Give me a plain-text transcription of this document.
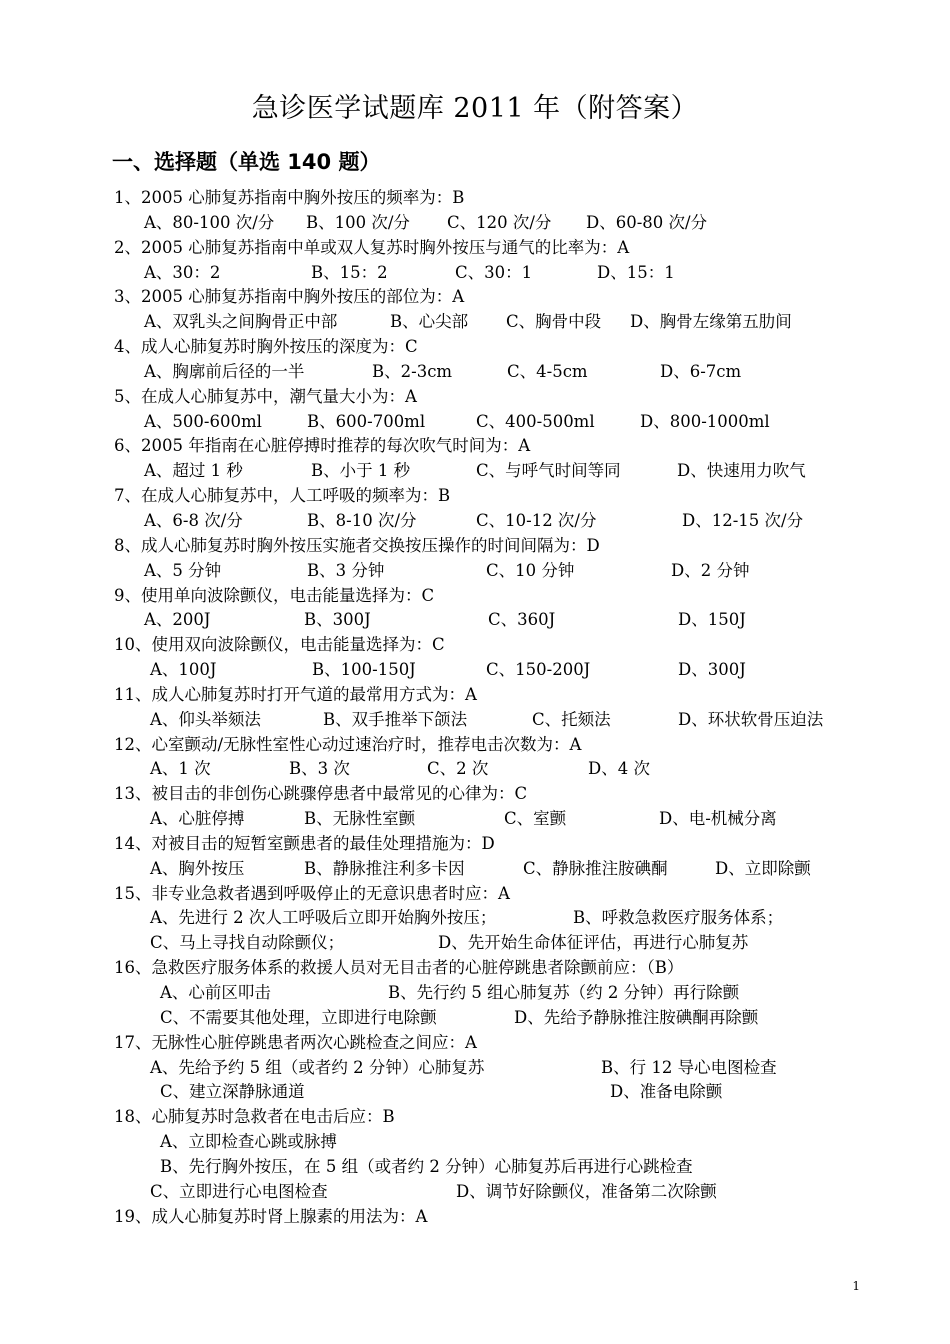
急诊医学试题库 2011 年（附答案）
一、选择题（单选 140 题）
1、2005 心肺复苏指南中胸外按压的频率为：B
A、80-100 次/分 B、100 次/分 C、120 次/分 D、60-80 次/分
2、2005 心肺复苏指南中单或双人复苏时胸外按压与通气的比率为：A
A、30：2	B、15：2	C、30：1	D、15：1
3、2005 心肺复苏指南中胸外按压的部位为：A
A、双乳头之间胸骨正中部	B、心尖部 C、胸骨中段 D、胸骨左缘第五肋间
4、成人心肺复苏时胸外按压的深度为：C
A、胸廓前后径的一半	B、2-3cm	C、4-5cm	D、6-7cm
5、在成人心肺复苏中，潮气量大小为：A
A、500-600ml	B、600-700ml	C、400-500ml	D、800-1000ml
6、2005 年指南在心脏停搏时推荐的每次吹气时间为：A
A、超过 1 秒	B、小于 1 秒	C、与呼气时间等同	D、快速用力吹气
7、在成人心肺复苏中，人工呼吸的频率为：B
A、6-8 次/分	B、8-10 次/分	C、10-12 次/分	D、12-15 次/分
8、成人心肺复苏时胸外按压实施者交换按压操作的时间间隔为：D
A、5 分钟	B、3 分钟	C、10 分钟	D、2 分钟
9、使用单向波除颤仪，电击能量选择为：C
A、200J	B、300J	C、360J	D、150J
10、使用双向波除颤仪，电击能量选择为：C
A、100J	B、100-150J	C、150-200J	D、300J
11、成人心肺复苏时打开气道的最常用方式为：A
A、仰头举颏法	B、双手推举下颌法	C、托颏法	D、环状软骨压迫法
12、心室颤动/无脉性室性心动过速治疗时，推荐电击次数为：A
A、1 次	B、3 次	C、2 次	D、4 次
13、被目击的非创伤心跳骤停患者中最常见的心律为：C
A、心脏停搏	B、无脉性室颤	C、室颤	D、电-机械分离
14、对被目击的短暂室颤患者的最佳处理措施为：D
A、胸外按压	B、静脉推注利多卡因	C、静脉推注胺碘酮	D、立即除颤
15、非专业急救者遇到呼吸停止的无意识患者时应：A
A、先进行 2 次人工呼吸后立即开始胸外按压；	B、呼救急救医疗服务体系；
C、马上寻找自动除颤仪；	D、先开始生命体征评估，再进行心肺复苏
16、急救医疗服务体系的救援人员对无目击者的心脏停跳患者除颤前应：（B）
A、心前区叩击	B、先行约 5 组心肺复苏（约 2 分钟）再行除颤
C、不需要其他处理，立即进行电除颤	D、先给予静脉推注胺碘酮再除颤
17、无脉性心脏停跳患者两次心跳检查之间应：A
A、先给予约 5 组（或者约 2 分钟）心肺复苏	B、行 12 导心电图检查
C、建立深静脉通道	D、准备电除颤
18、心肺复苏时急救者在电击后应：B
A、立即检查心跳或脉搏
B、先行胸外按压，在 5 组（或者约 2 分钟）心肺复苏后再进行心跳检查
C、立即进行心电图检查	D、调节好除颤仪，准备第二次除颤
19、成人心肺复苏时肾上腺素的用法为：A
1
